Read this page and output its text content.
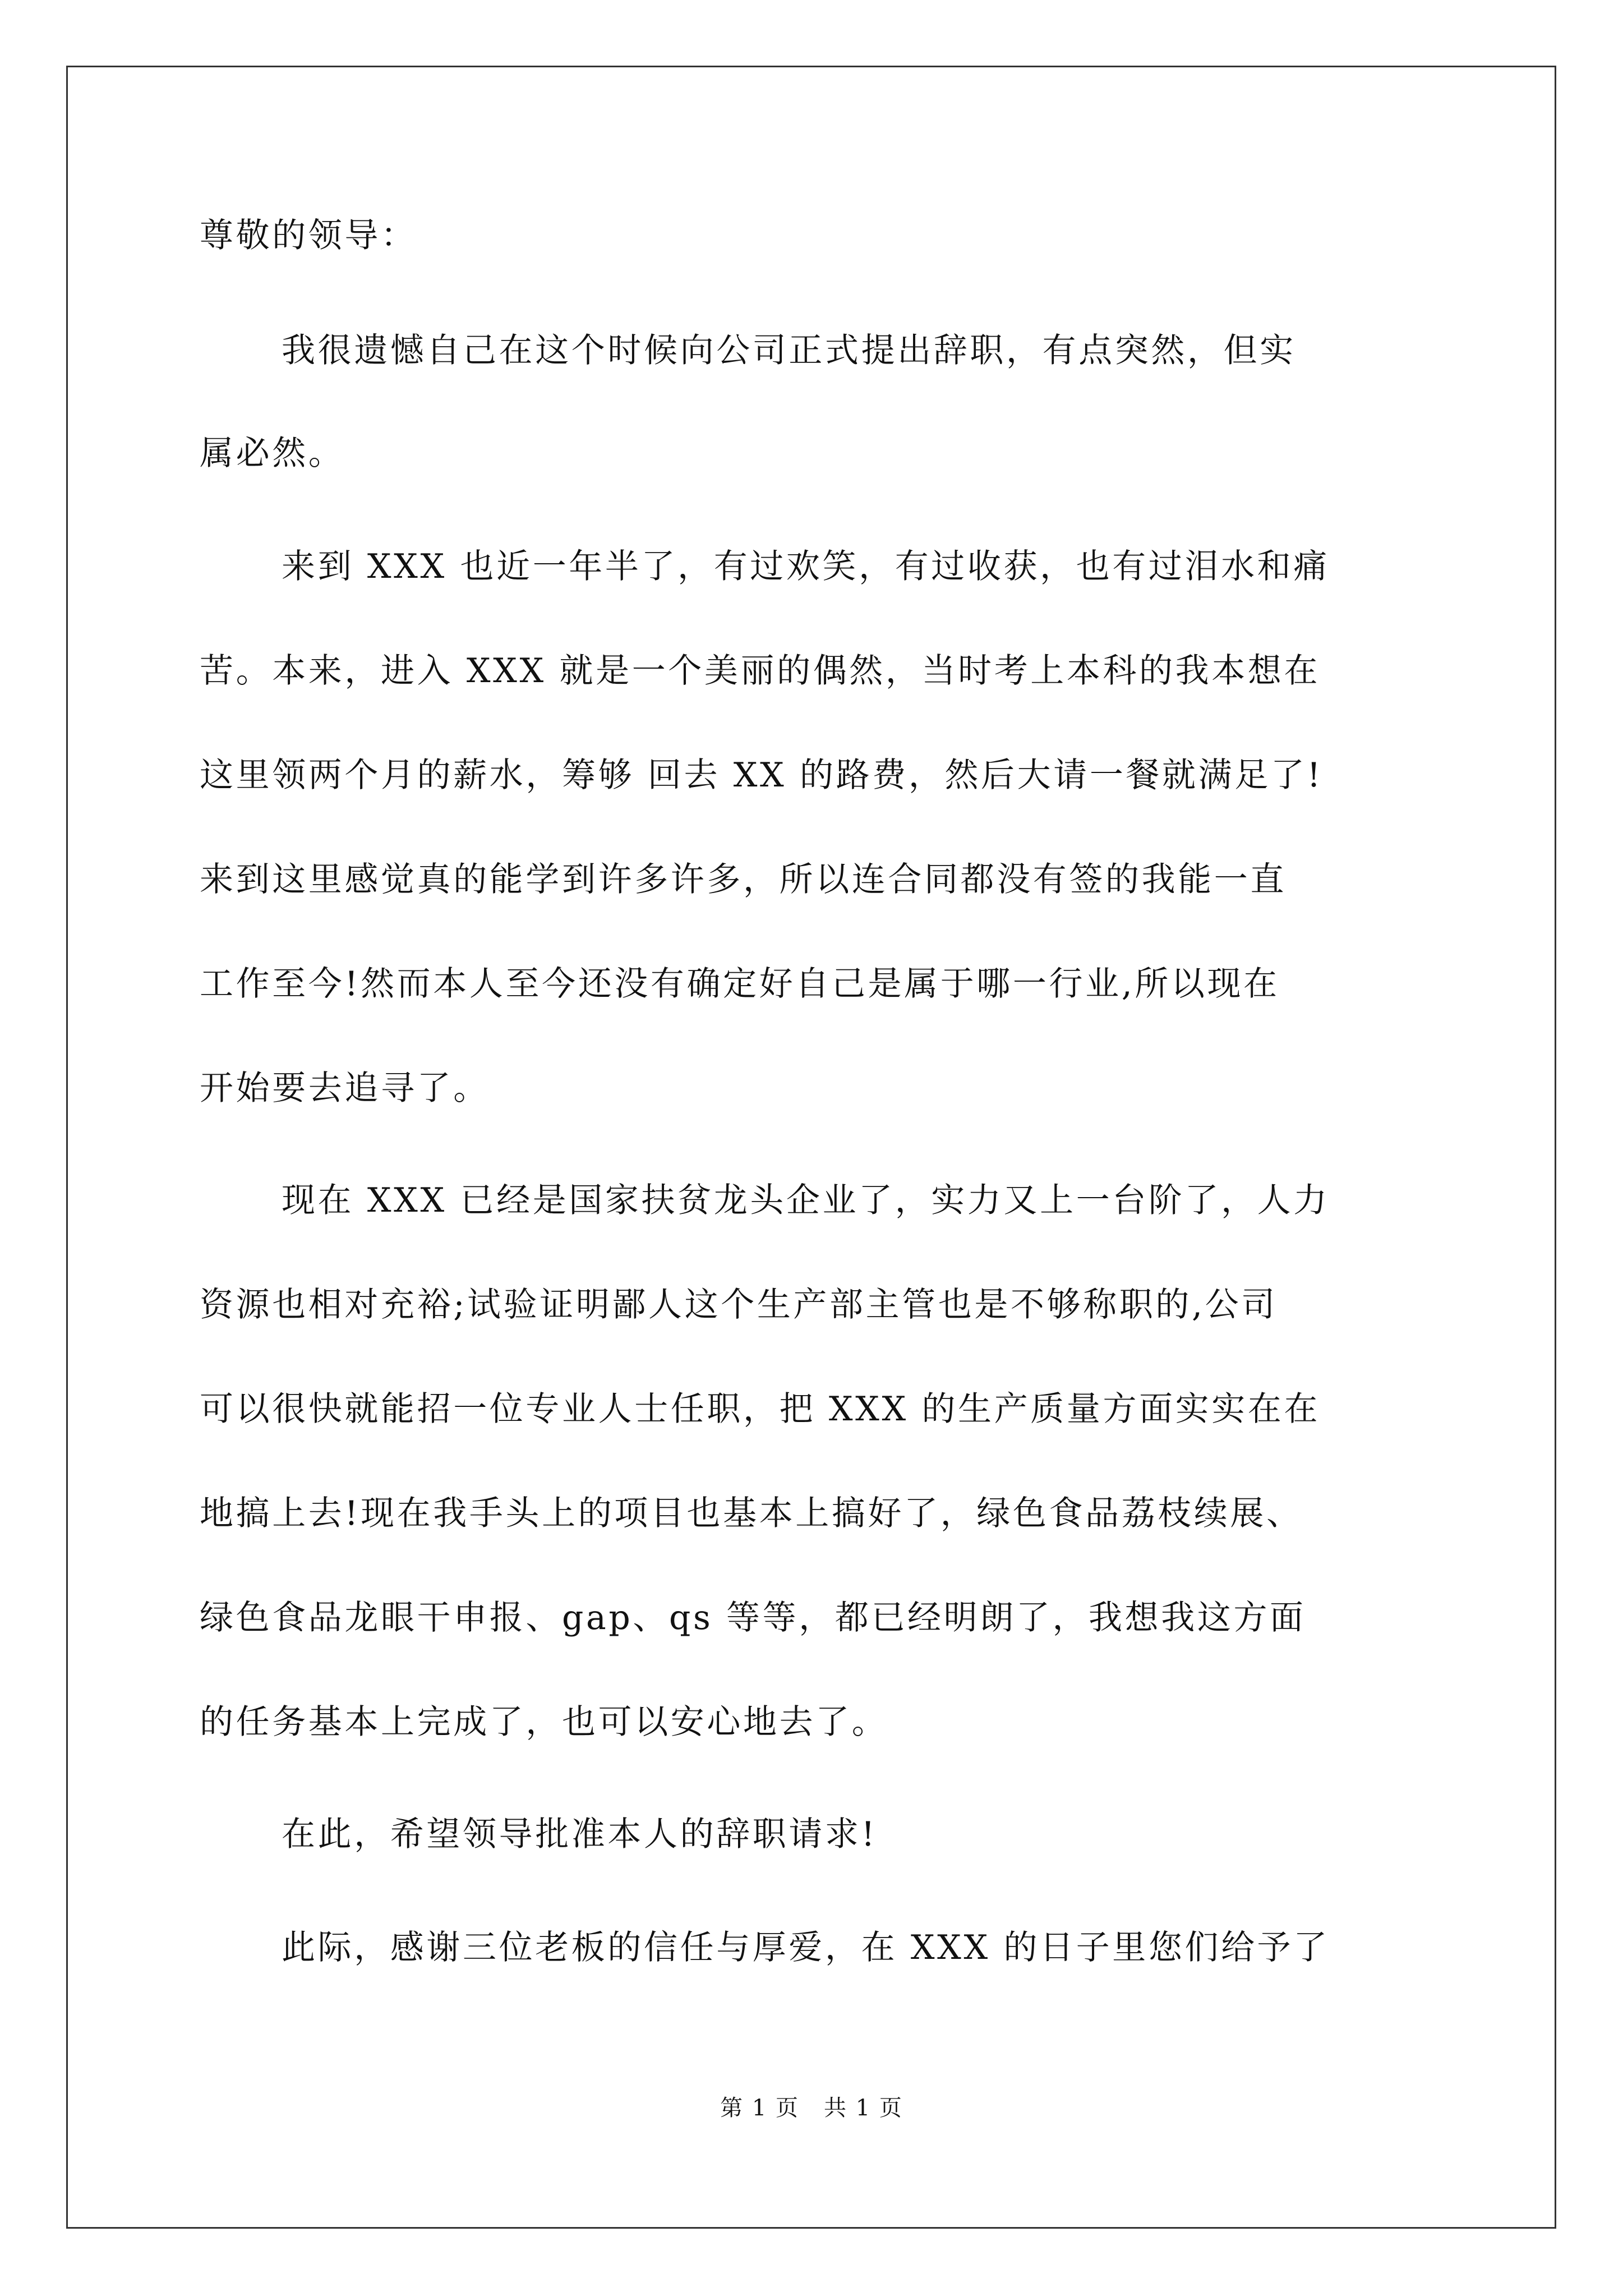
尊敬的领导：
我很遗憾自己在这个时候向公司正式提出辞职，有点突然，但实
属必然。
来到 XXX 也近一年半了，有过欢笑，有过收获，也有过泪水和痛
苦。本来，进入 XXX 就是一个美丽的偶然，当时考上本科的我本想在
这里领两个月的薪水，筹够 回去 XX 的路费，然后大请一餐就满足了!
来到这里感觉真的能学到许多许多，所以连合同都没有签的我能一直
工作至今!然而本人至今还没有确定好自己是属于哪一行业,所以现在
开始要去追寻了。
现在 XXX 已经是国家扶贫龙头企业了，实力又上一台阶了，人力
资源也相对充裕;试验证明鄙人这个生产部主管也是不够称职的,公司
可以很快就能招一位专业人士任职，把 XXX 的生产质量方面实实在在
地搞上去!现在我手头上的项目也基本上搞好了，绿色食品荔枝续展、
绿色食品龙眼干申报、gap、qs 等等，都已经明朗了，我想我这方面
的任务基本上完成了，也可以安心地去了。
在此，希望领导批准本人的辞职请求!
此际，感谢三位老板的信任与厚爱，在 XXX 的日子里您们给予了
第 1 页 共 1 页
